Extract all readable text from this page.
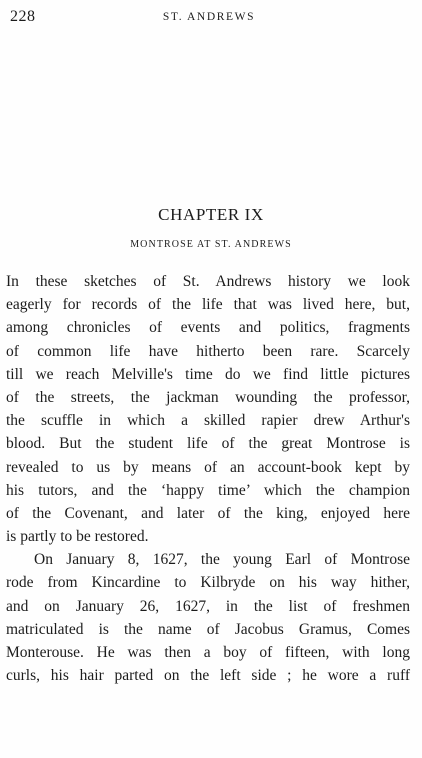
228	ST. ANDREWS
CHAPTER IX
MONTROSE AT ST. ANDREWS
In these sketches of St. Andrews history we look
eagerly for records of the life that was lived here, but,
among chronicles of events and politics, fragments
of common life have hitherto been rare. Scarcely
till we reach Melville's time do we find little pictures
of the streets, the jackman wounding the professor,
the scuffle in which a skilled rapier drew Arthur's
blood. But the student life of the great Montrose is
revealed to us by means of an account-book kept by
his tutors, and the ‘happy time’ which the champion
of the Covenant, and later of the king, enjoyed here
is partly to be restored.
On January 8, 1627, the young Earl of Montrose
rode from Kincardine to Kilbryde on his way hither,
and on January 26, 1627, in the list of freshmen
matriculated is the name of Jacobus Gramus, Comes
Monterouse. He was then a boy of fifteen, with long
curls, his hair parted on the left side ; he wore a ruff
